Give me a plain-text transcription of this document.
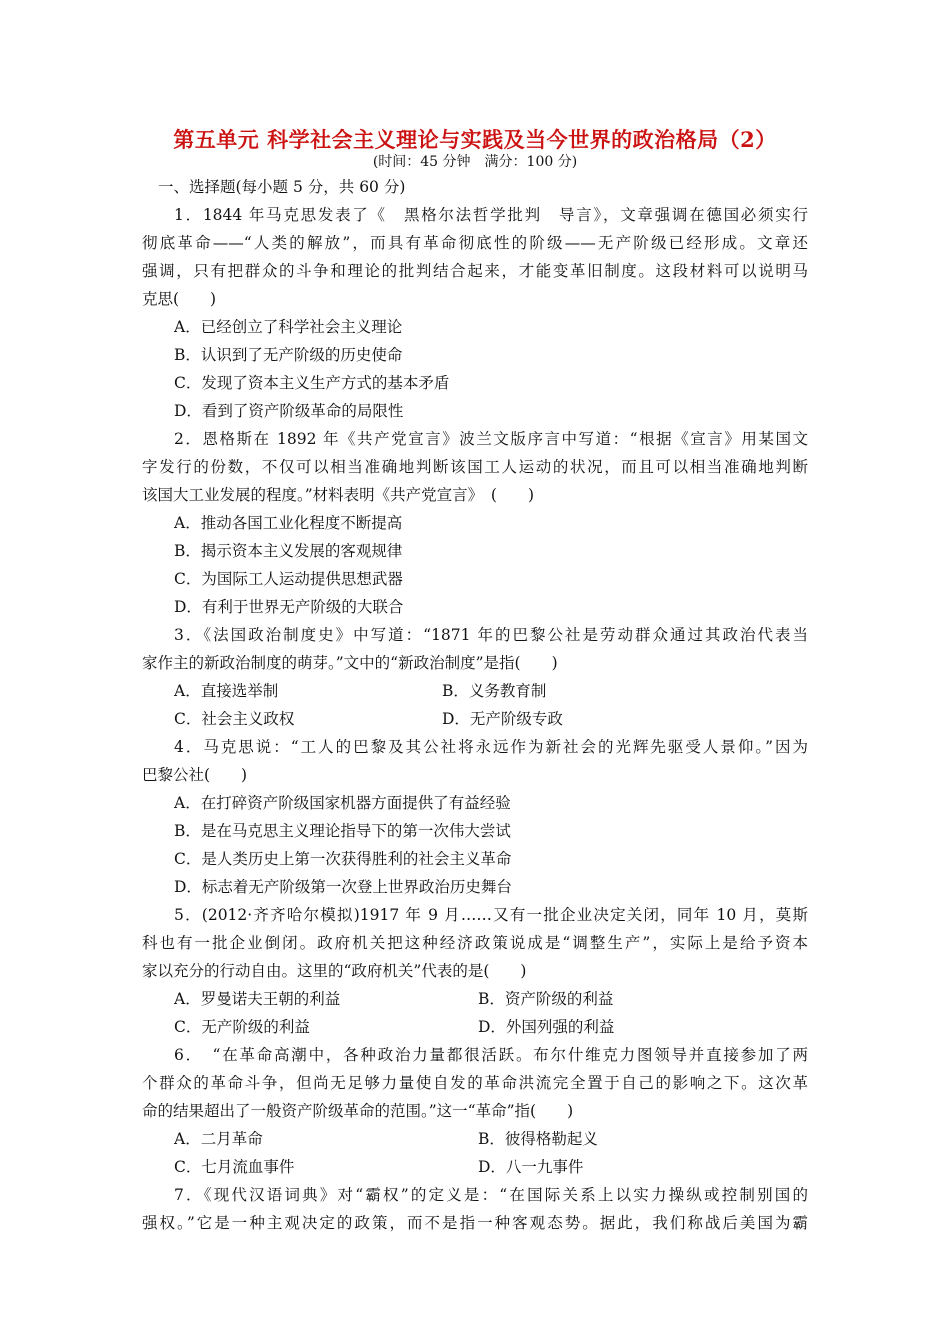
第五单元 科学社会主义理论与实践及当今世界的政治格局（2）
(时间：45 分钟　满分：100 分)
一、选择题(每小题 5 分，共 60 分)
1．1844 年马克思发表了《　黑格尔法哲学批判　导言》，文章强调在德国必须实行
彻底革命——“人类的解放”，而具有革命彻底性的阶级——无产阶级已经形成。文章还
强调，只有把群众的斗争和理论的批判结合起来，才能变革旧制度。这段材料可以说明马
克思(　　)
A．已经创立了科学社会主义理论
B．认识到了无产阶级的历史使命
C．发现了资本主义生产方式的基本矛盾
D．看到了资产阶级革命的局限性
2．恩格斯在 1892 年《共产党宣言》波兰文版序言中写道：“根据《宣言》用某国文
字发行的份数，不仅可以相当准确地判断该国工人运动的状况，而且可以相当准确地判断
该国大工业发展的程度。”材料表明《共产党宣言》　(　　)
A．推动各国工业化程度不断提高
B．揭示资本主义发展的客观规律
C．为国际工人运动提供思想武器
D．有利于世界无产阶级的大联合
3．《法国政治制度史》中写道：“1871 年的巴黎公社是劳动群众通过其政治代表当
家作主的新政治制度的萌芽。”文中的“新政治制度”是指(　　)
A．直接选举制	B．义务教育制
C．社会主义政权	D．无产阶级专政
4．马克思说：“工人的巴黎及其公社将永远作为新社会的光辉先驱受人景仰。”因为
巴黎公社(　　)
A．在打碎资产阶级国家机器方面提供了有益经验
B．是在马克思主义理论指导下的第一次伟大尝试
C．是人类历史上第一次获得胜利的社会主义革命
D．标志着无产阶级第一次登上世界政治历史舞台
5．(2012·齐齐哈尔模拟)1917 年 9 月……又有一批企业决定关闭，同年 10 月，莫斯
科也有一批企业倒闭。政府机关把这种经济政策说成是“调整生产”，实际上是给予资本
家以充分的行动自由。这里的“政府机关”代表的是(　　)
A．罗曼诺夫王朝的利益	B．资产阶级的利益
C．无产阶级的利益	D．外国列强的利益
6．　“在革命高潮中，各种政治力量都很活跃。布尔什维克力图领导并直接参加了两
个群众的革命斗争，但尚无足够力量使自发的革命洪流完全置于自己的影响之下。这次革
命的结果超出了一般资产阶级革命的范围。”这一“革命”指(　　)
A．二月革命	B．彼得格勒起义
C．七月流血事件	D．八一九事件
7．《现代汉语词典》对“霸权”的定义是：“在国际关系上以实力操纵或控制别国的
强权。”它是一种主观决定的政策，而不是指一种客观态势。据此，我们称战后美国为霸
